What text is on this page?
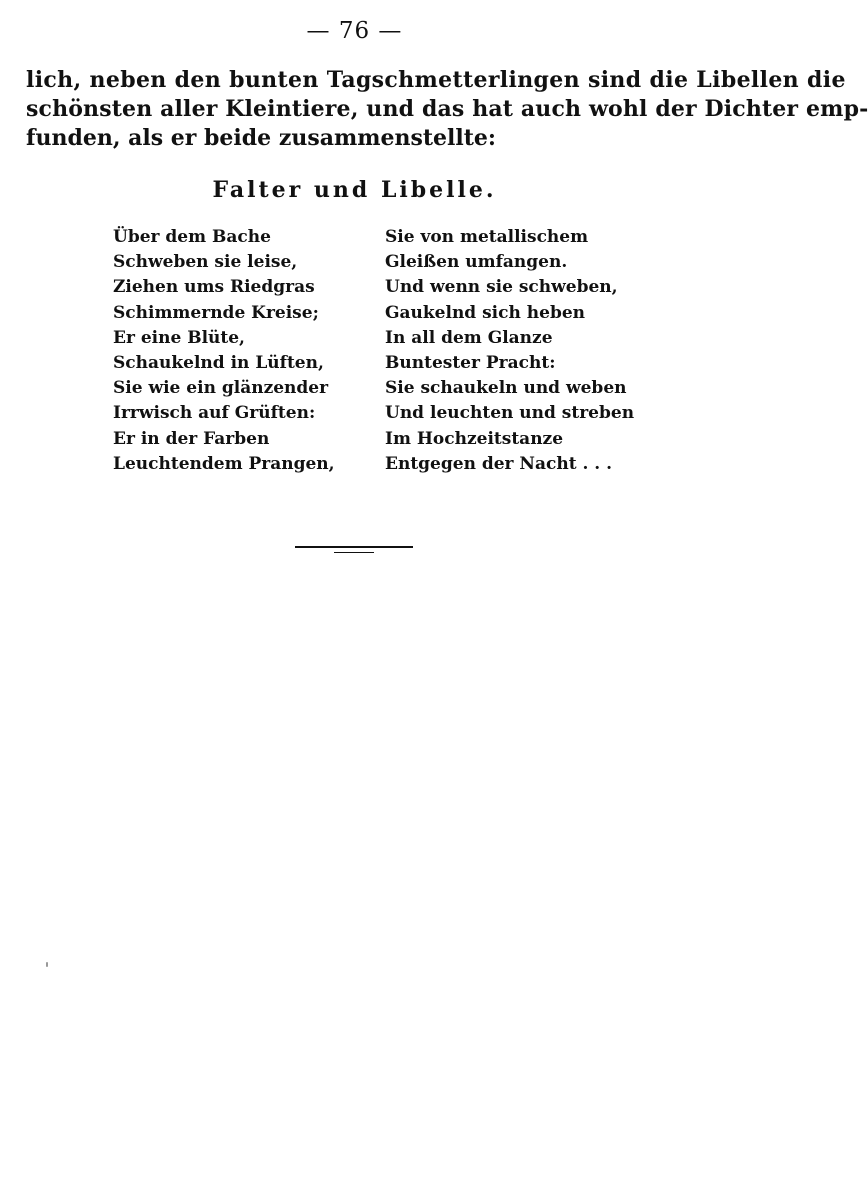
— 76 —
lich, neben den bunten Tagschmetterlingen sind die Libellen die
schönsten aller Kleintiere, und das hat auch wohl der Dichter emp-
funden, als er beide zusammenstellte:
Falter und Libelle.
Über dem Bache
Schweben sie leise,
Ziehen ums Riedgras
Schimmernde Kreise;
Er eine Blüte,
Schaukelnd in Lüften,
Sie wie ein glänzender
Irrwisch auf Grüften:
Er in der Farben
Leuchtendem Prangen,
Sie von metallischem
Gleißen umfangen.
Und wenn sie schweben,
Gaukelnd sich heben
In all dem Glanze
Buntester Pracht:
Sie schaukeln und weben
Und leuchten und streben
Im Hochzeitstanze
Entgegen der Nacht . . .
